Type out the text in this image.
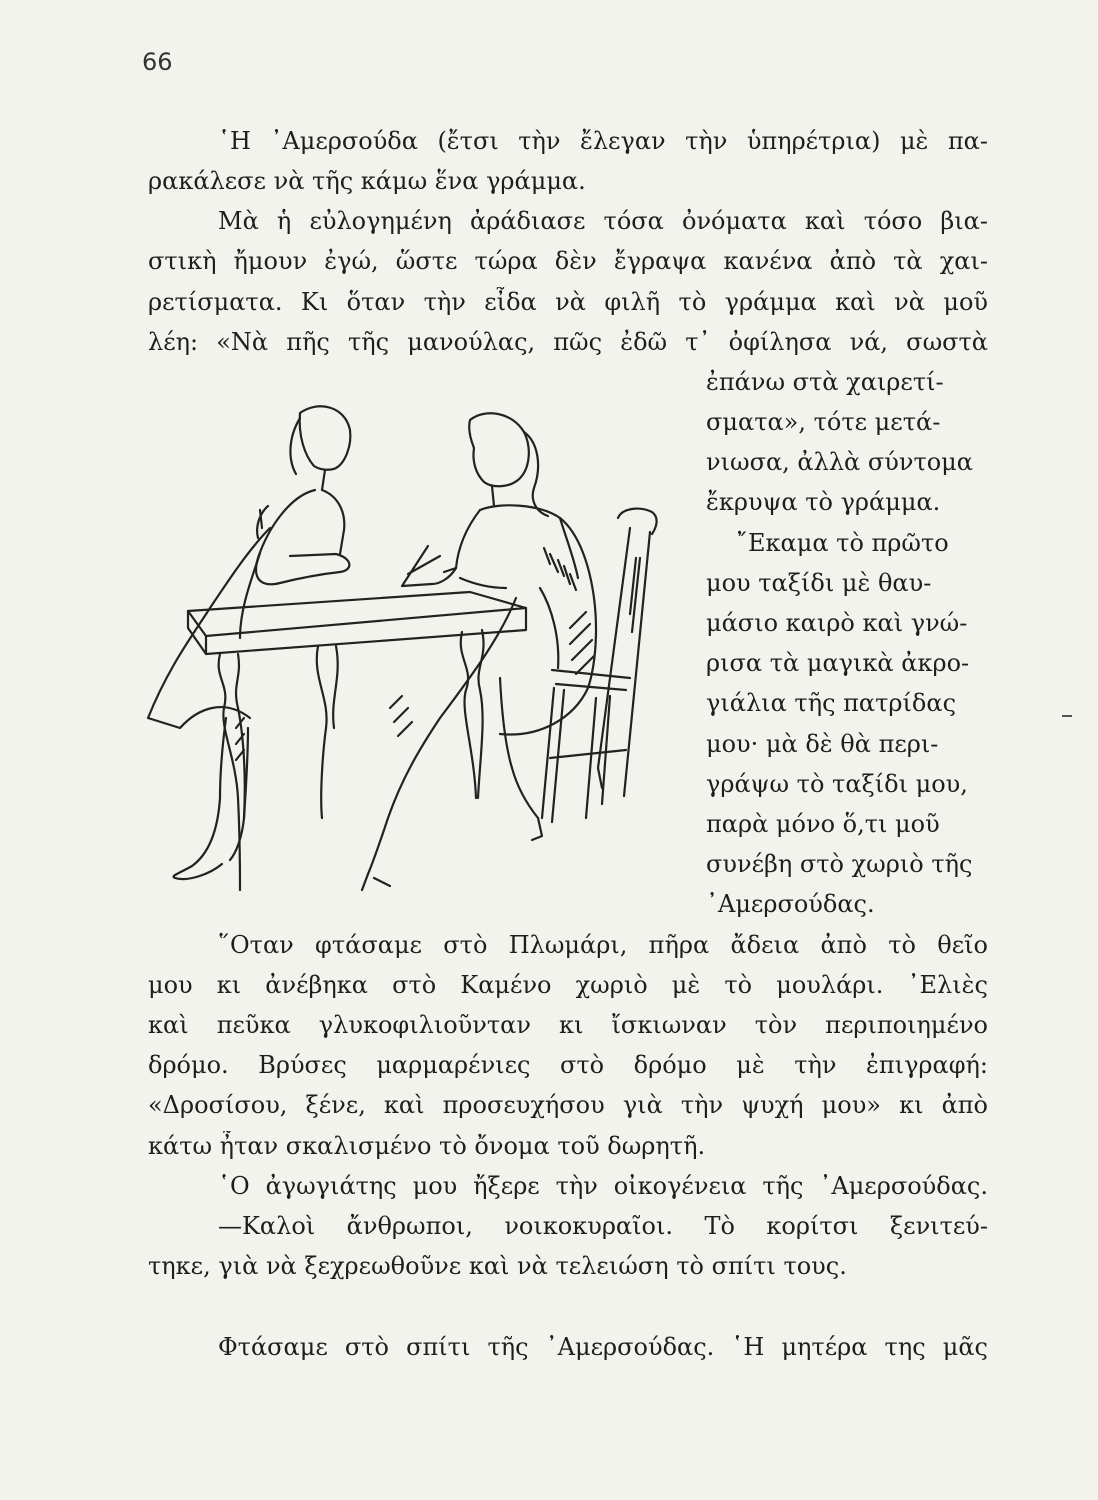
66
῾Η ᾿Αμερσούδα (ἔτσι τὴν ἔλεγαν τὴν ὑπηρέτρια) μὲ πα-
ρακάλεσε νὰ τῆς κάμω ἕνα γράμμα.
Μὰ ἡ εὐλογημένη ἀράδιασε τόσα ὀνόματα καὶ τόσο βια-
στικὴ ἤμουν ἐγώ, ὥστε τώρα δὲν ἔγραψα κανένα ἀπὸ τὰ χαι-
ρετίσματα. Κι ὅταν τὴν εἶδα νὰ φιλῆ τὸ γράμμα καὶ νὰ μοῦ
λέη: «Νὰ πῆς τῆς μανούλας, πῶς ἐδῶ τ᾿ ὀφίλησα νά, σωστὰ
ἐπάνω στὰ χαιρετί-
σματα», τότε μετά-
νιωσα, ἀλλὰ σύντομα
ἔκρυψα τὸ γράμμα.
῎Εκαμα τὸ πρῶτο
μου ταξίδι μὲ θαυ-
μάσιο καιρὸ καὶ γνώ-
ρισα τὰ μαγικὰ ἀκρο-
γιάλια τῆς πατρίδας
μου· μὰ δὲ θὰ περι-
γράψω τὸ ταξίδι μου,
παρὰ μόνο ὅ,τι μοῦ
συνέβη στὸ χωριὸ τῆς
᾿Αμερσούδας.
῞Οταν φτάσαμε στὸ Πλωμάρι, πῆρα ἄδεια ἀπὸ τὸ θεῖο
μου κι ἀνέβηκα στὸ Καμένο χωριὸ μὲ τὸ μουλάρι. ᾿Ελιὲς
καὶ πεῦκα γλυκοφιλιοῦνταν κι ἴσκιωναν τὸν περιποιημένο
δρόμο. Βρύσες μαρμαρένιες στὸ δρόμο μὲ τὴν ἐπιγραφή:
«Δροσίσου, ξένε, καὶ προσευχήσου γιὰ τὴν ψυχή μου» κι ἀπὸ
κάτω ἦταν σκαλισμένο τὸ ὄνομα τοῦ δωρητῆ.
῾Ο ἀγωγιάτης μου ἤξερε τὴν οἰκογένεια τῆς ᾿Αμερσούδας.
—Καλοὶ ἄνθρωποι, νοικοκυραῖοι. Τὸ κορίτσι ξενιτεύ-
τηκε, γιὰ νὰ ξεχρεωθοῦνε καὶ νὰ τελειώση τὸ σπίτι τους.
Φτάσαμε στὸ σπίτι τῆς ᾿Αμερσούδας. ῾Η μητέρα της μᾶς
